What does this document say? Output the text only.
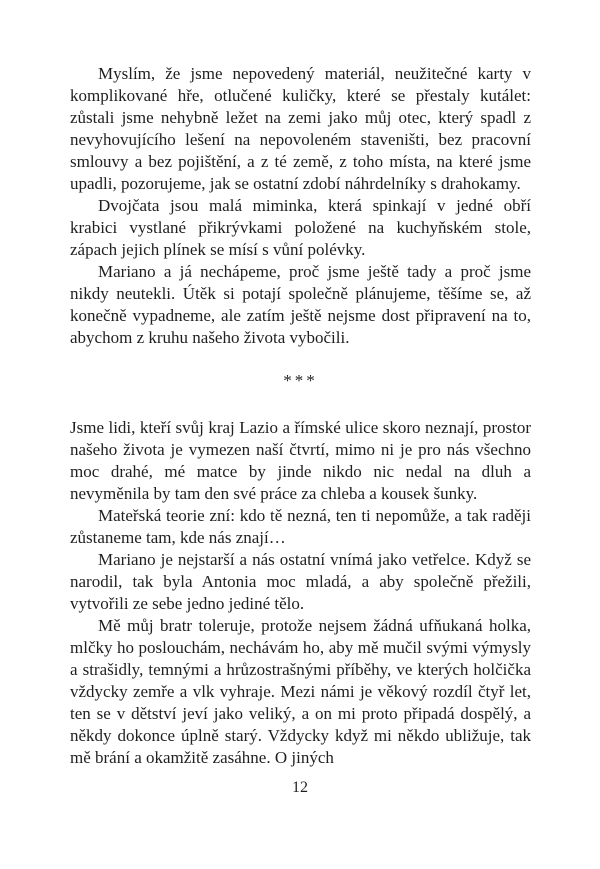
Myslím, že jsme nepovedený materiál, neužitečné karty v komplikované hře, otlučené kuličky, které se přestaly kutálet: zůstali jsme nehybně ležet na zemi jako můj otec, který spadl z nevyhovujícího lešení na nepovoleném staveništi, bez pracovní smlouvy a bez pojištění, a z té země, z toho místa, na které jsme upadli, pozorujeme, jak se ostatní zdobí náhrdelníky s drahokamy.

Dvojčata jsou malá miminka, která spinkají v jedné obří krabici vystlané přikrývkami položené na kuchyňském stole, zápach jejich plínek se mísí s vůní polévky.

Mariano a já nechápeme, proč jsme ještě tady a proč jsme nikdy neutekli. Útěk si potají společně plánujeme, těšíme se, až konečně vypadneme, ale zatím ještě nejsme dost připravení na to, abychom z kruhu našeho života vybočili.

***

Jsme lidi, kteří svůj kraj Lazio a římské ulice skoro neznají, prostor našeho života je vymezen naší čtvrtí, mimo ni je pro nás všechno moc drahé, mé matce by jinde nikdo nic nedal na dluh a nevyměnila by tam den své práce za chleba a kousek šunky.

Mateřská teorie zní: kdo tě nezná, ten ti nepomůže, a tak raději zůstaneme tam, kde nás znají…

Mariano je nejstarší a nás ostatní vnímá jako vetřelce. Když se narodil, tak byla Antonia moc mladá, a aby společně přežili, vytvořili ze sebe jedno jediné tělo.

Mě můj bratr toleruje, protože nejsem žádná ufňukaná holka, mlčky ho poslouchám, nechávám ho, aby mě mučil svými výmysly a strašidly, temnými a hrůzostrašnými příběhy, ve kterých holčička vždycky zemře a vlk vyhraje. Mezi námi je věkový rozdíl čtyř let, ten se v dětství jeví jako veliký, a on mi proto připadá dospělý, a někdy dokonce úplně starý. Vždycky když mi někdo ubližuje, tak mě brání a okamžitě zasáhne. O jiných

12
